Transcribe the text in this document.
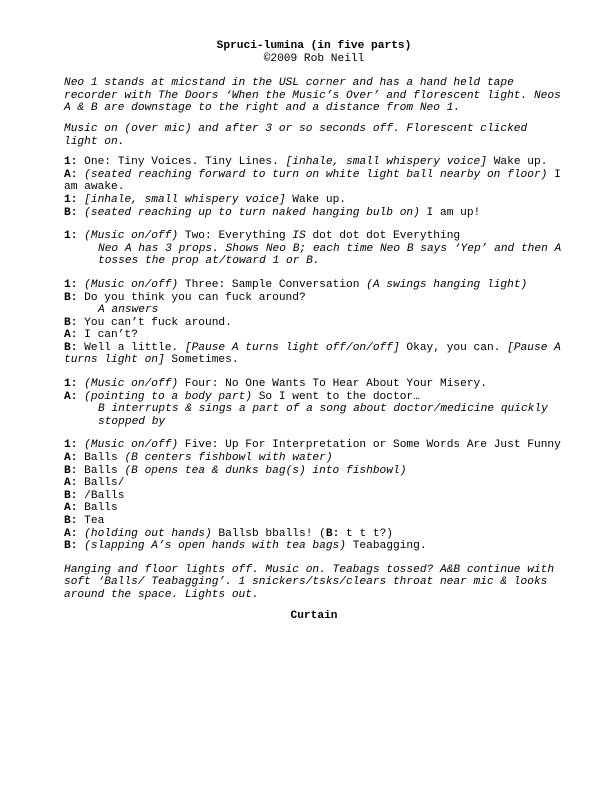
Spruci-lumina (in five parts)
©2009 Rob Neill
Neo 1 stands at micstand in the USL corner and has a hand held tape recorder with The Doors ‘When the Music’s Over’ and florescent light. Neos A & B are downstage to the right and a distance from Neo 1.
Music on (over mic) and after 3 or so seconds off. Florescent clicked light on.
1: One: Tiny Voices. Tiny Lines. [inhale, small whispery voice] Wake up.
A: (seated reaching forward to turn on white light ball nearby on floor) I am awake.
1: [inhale, small whispery voice] Wake up.
B: (seated reaching up to turn naked hanging bulb on) I am up!
1: (Music on/off) Two: Everything IS dot dot dot Everything
Neo A has 3 props. Shows Neo B; each time Neo B says ‘Yep’ and then A tosses the prop at/toward 1 or B.
1: (Music on/off) Three: Sample Conversation (A swings hanging light)
B: Do you think you can fuck around?
A answers
B: You can’t fuck around.
A: I can’t?
B: Well a little. [Pause A turns light off/on/off] Okay, you can. [Pause A turns light on] Sometimes.
1: (Music on/off) Four: No One Wants To Hear About Your Misery.
A: (pointing to a body part) So I went to the doctor…
B interrupts & sings a part of a song about doctor/medicine quickly stopped by
1: (Music on/off) Five: Up For Interpretation or Some Words Are Just Funny
A: Balls (B centers fishbowl with water)
B: Balls (B opens tea & dunks bag(s) into fishbowl)
A: Balls/
B: /Balls
A: Balls
B: Tea
A: (holding out hands) Ballsb bballs! (B: t t t?)
B: (slapping A’s open hands with tea bags) Teabagging.
Hanging and floor lights off. Music on. Teabags tossed? A&B continue with soft ‘Balls/ Teabagging’. 1 snickers/tsks/clears throat near mic & looks around the space. Lights out.
Curtain
